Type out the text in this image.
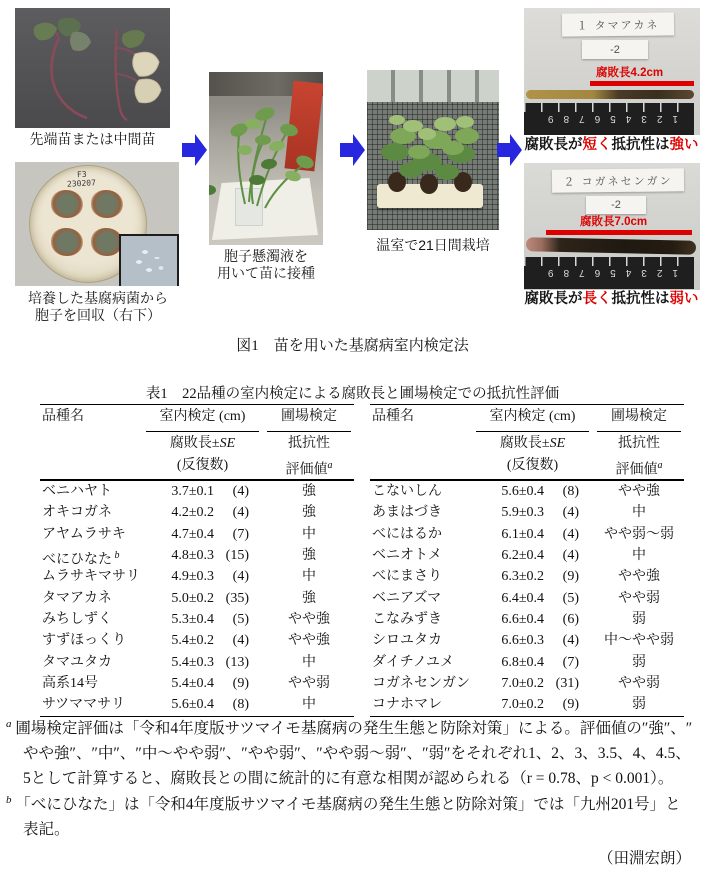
先端苗または中間苗
F3
230207
培養した基腐病菌から
胞子を回収（右下）
胞子懸濁液を
用いて苗に接種
温室で21日間栽培
１ タマアカネ
-2
腐敗長4.2cm
123456789
腐敗長が短く抵抗性は強い
２ コガネセンガン
-2
腐敗長7.0cm
123456789
腐敗長が長く抵抗性は弱い
図1　苗を用いた基腐病室内検定法
表1　22品種の室内検定による腐敗長と圃場検定での抵抗性評価
品種名	室内検定 (cm)	圃場検定
腐敗長±SE	抵抗性
(反復数)	評価値$^a$
ベニハヤト	3.7±0.1	(4)	強
オキコガネ	4.2±0.2	(4)	強
アヤムラサキ	4.7±0.4	(7)	中
べにひなた $^b$	4.8±0.3 (15)	強
ムラサキマサリ	4.9±0.3	(4)	中
タマアカネ	5.0±0.2 (35)	強
みちしずく	5.3±0.4	(5)	やや強
すずほっくり	5.4±0.2	(4)	やや強
タマユタカ	5.4±0.3 (13)	中
高系14号	5.4±0.4	(9)	やや弱
サツママサリ	5.6±0.4	(8)	中
品種名	室内検定 (cm)	圃場検定
腐敗長±SE	抵抗性
(反復数)	評価値$^a$
こないしん	5.6±0.4	(8)	やや強
あまはづき	5.9±0.3	(4)	中
べにはるか	6.1±0.4	(4)	やや弱～弱
ベニオトメ	6.2±0.4	(4)	中
べにまさり	6.3±0.2	(9)	やや強
ベニアズマ	6.4±0.4	(5)	やや弱
こなみずき	6.6±0.4	(6)	弱
シロユタカ	6.6±0.3	(4)	中～やや弱
ダイチノユメ	6.8±0.4	(7)	弱
コガネセンガン	7.0±0.2 (31)	やや弱
コナホマレ	7.0±0.2	(9)	弱

$^a$ 圃場検定評価は「令和4年度版サツマイモ基腐病の発生生態と防除対策」による。評価値の″強″、″やや強″、″中″、″中～やや弱″、″やや弱″、″やや弱～弱″、″弱″をそれぞれ1、2、3、3.5、4、4.5、5として計算すると、腐敗長との間に統計的に有意な相関が認められる（r = 0.78、p < 0.001）。

$^b$ 「べにひなた」は「令和4年度版サツマイモ基腐病の発生生態と防除対策」では「九州201号」と表記。

（田淵宏朗）
